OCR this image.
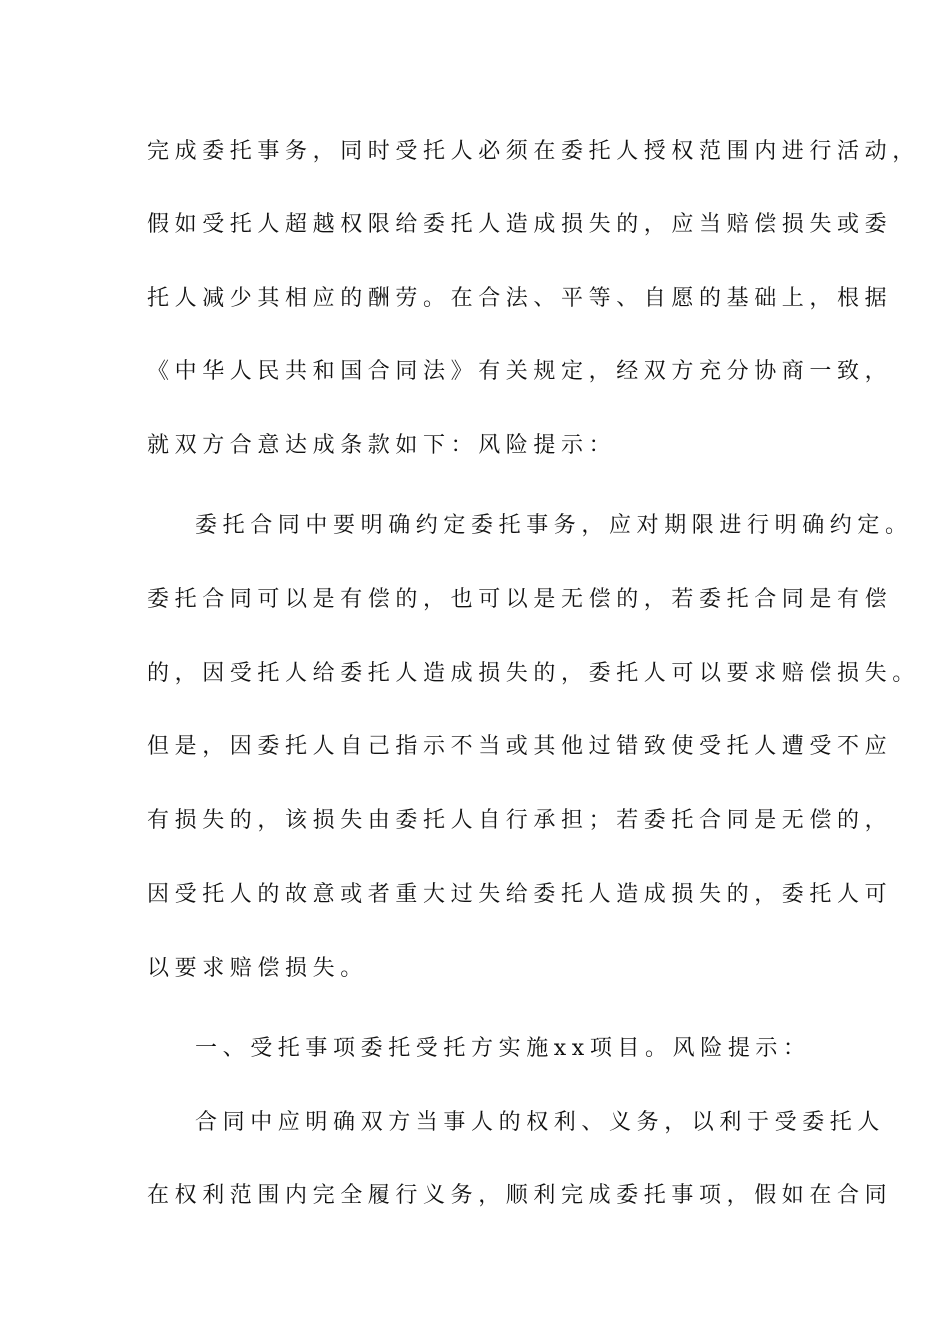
完成委托事务，同时受托人必须在委托人授权范围内进行活动，
假如受托人超越权限给委托人造成损失的，应当赔偿损失或委
托人减少其相应的酬劳。在合法、平等、自愿的基础上，根据
《中华人民共和国合同法》有关规定，经双方充分协商一致，
就双方合意达成条款如下：风险提示：
委托合同中要明确约定委托事务，应对期限进行明确约定。
委托合同可以是有偿的，也可以是无偿的，若委托合同是有偿
的，因受托人给委托人造成损失的，委托人可以要求赔偿损失。
但是，因委托人自己指示不当或其他过错致使受托人遭受不应
有损失的，该损失由委托人自行承担；若委托合同是无偿的，
因受托人的故意或者重大过失给委托人造成损失的，委托人可
以要求赔偿损失。
一、受托事项委托受托方实施xx项目。风险提示：
合同中应明确双方当事人的权利、义务，以利于受委托人
在权利范围内完全履行义务，顺利完成委托事项，假如在合同
